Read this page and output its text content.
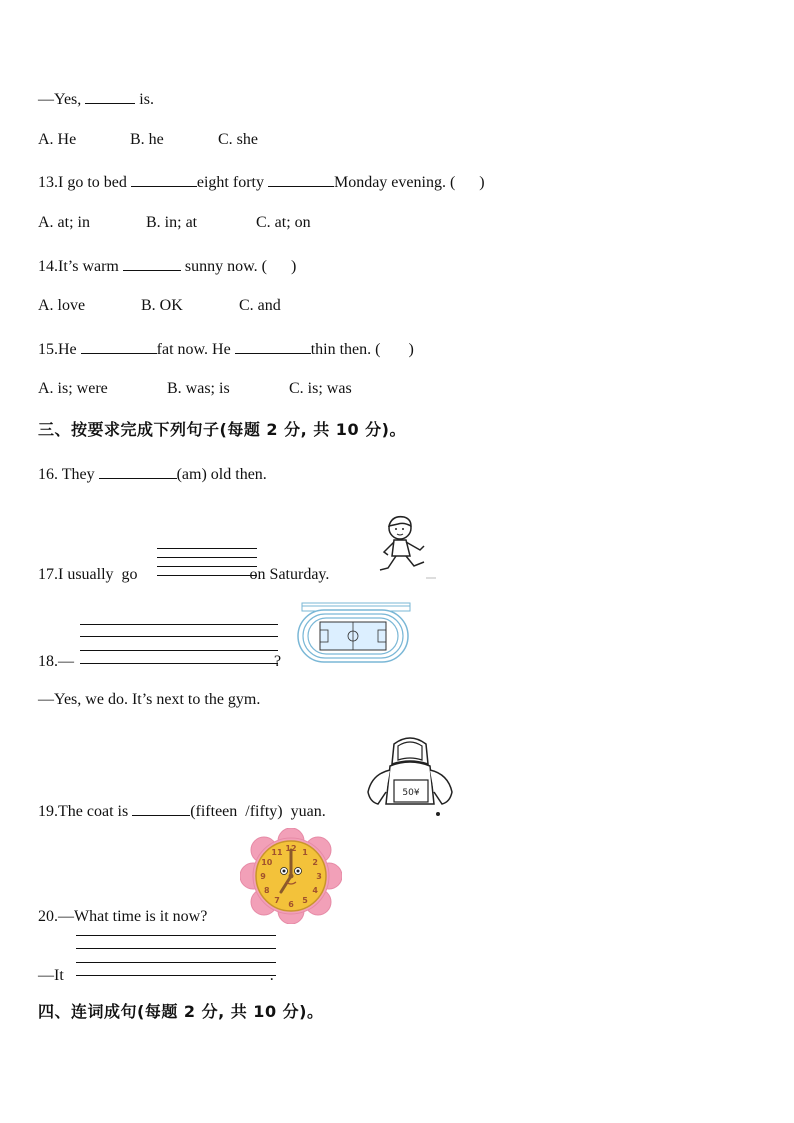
—Yes,	is.
A. He	B. he	C. she
13.I go to bed	eight forty	Monday evening. (      )
A. at; in	B. in; at	C. at; on
14.It’s warm	sunny now. (      )
A. love	B. OK	C. and
15.He	fat now. He	thin then. (       )
A. is; were	B. was; is	C. is; was
三、按要求完成下列句子(每题 2 分, 共 10 分)。
16. They	(am) old then.
17.I usually  go	on Saturday.
18.—	?
—Yes, we do. It’s next to the gym.
19.The coat is	(fifteen  /fifty)  yuan.
50¥
12 1
2
3
4
5
6
7
8
9
10
11
20.—What time is it now?
—It	.
四、连词成句(每题 2 分, 共 10 分)。
